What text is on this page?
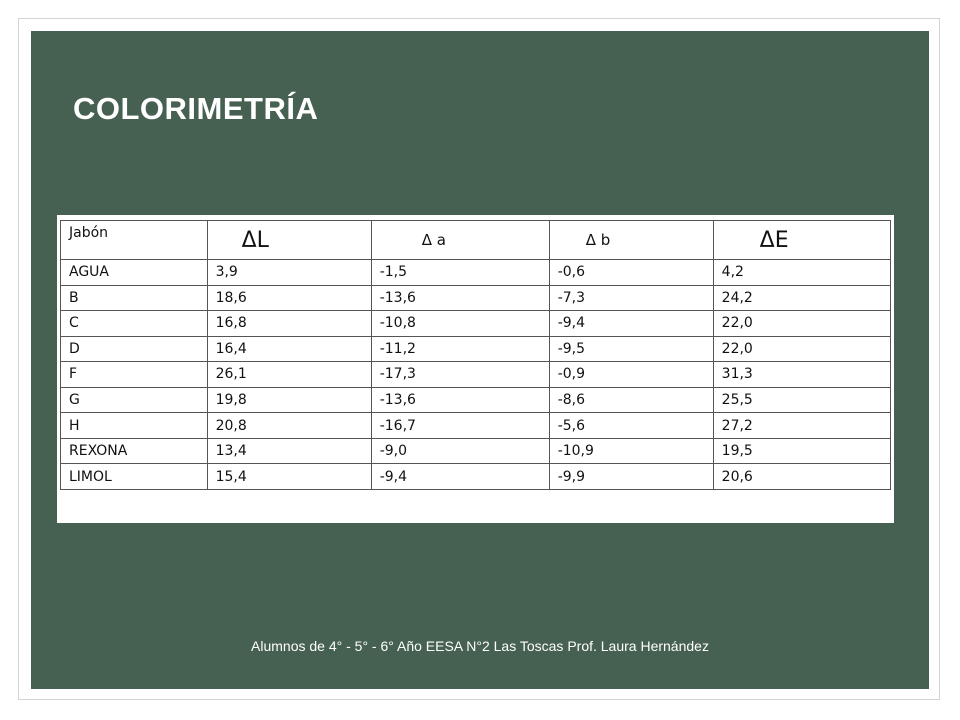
COLORIMETRÍA
Jabón	ΔL	Δ a	Δ b	ΔE
AGUA	3,9	-1,5	-0,6	4,2
B	18,6	-13,6	-7,3	24,2
C	16,8	-10,8	-9,4	22,0
D	16,4	-11,2	-9,5	22,0
F	26,1	-17,3	-0,9	31,3
G	19,8	-13,6	-8,6	25,5
H	20,8	-16,7	-5,6	27,2
REXONA	13,4	-9,0	-10,9	19,5
LIMOL	15,4	-9,4	-9,9	20,6
Alumnos de 4° - 5° - 6° Año EESA N°2 Las Toscas Prof. Laura Hernández
